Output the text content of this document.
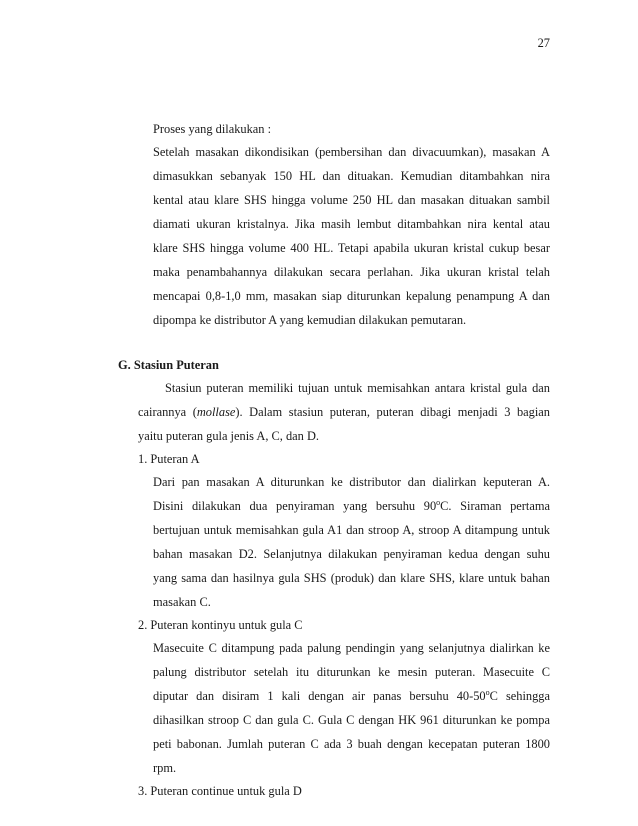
27
Proses yang dilakukan :
Setelah masakan dikondisikan (pembersihan dan divacuumkan), masakan A
dimasukkan sebanyak 150 HL dan dituakan. Kemudian ditambahkan nira
kental atau klare SHS hingga volume 250 HL dan masakan dituakan sambil
diamati ukuran kristalnya. Jika masih lembut ditambahkan nira kental atau
klare SHS hingga volume 400 HL. Tetapi apabila ukuran kristal cukup besar
maka penambahannya dilakukan secara perlahan. Jika ukuran kristal telah
mencapai 0,8-1,0 mm, masakan siap diturunkan kepalung penampung A dan
dipompa ke distributor A yang kemudian dilakukan pemutaran.
G. Stasiun Puteran
Stasiun puteran memiliki tujuan untuk memisahkan antara kristal gula dan
cairannya (mollase). Dalam stasiun puteran, puteran dibagi menjadi 3 bagian
yaitu puteran gula jenis A, C, dan D.
1. Puteran A
Dari pan masakan A diturunkan ke distributor dan dialirkan keputeran A.
Disini dilakukan dua penyiraman yang bersuhu 90$^o$C. Siraman pertama
bertujuan untuk memisahkan gula A1 dan stroop A, stroop A ditampung untuk
bahan masakan D2. Selanjutnya dilakukan penyiraman kedua dengan suhu
yang sama dan hasilnya gula SHS (produk) dan klare SHS, klare untuk bahan
masakan C.
2. Puteran kontinyu untuk gula C
Masecuite C ditampung pada palung pendingin yang selanjutnya dialirkan ke
palung distributor setelah itu diturunkan ke mesin puteran. Masecuite C
diputar dan disiram 1 kali dengan air panas bersuhu 40-50$^o$C sehingga
dihasilkan stroop C dan gula C. Gula C dengan HK 961 diturunkan ke pompa
peti babonan. Jumlah puteran C ada 3 buah dengan kecepatan puteran 1800
rpm.
3. Puteran continue untuk gula D
